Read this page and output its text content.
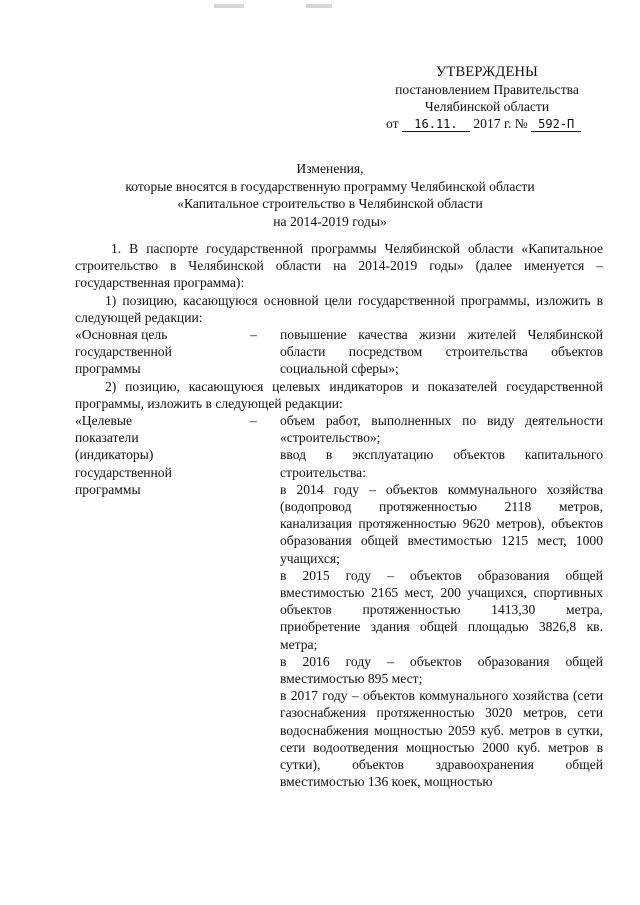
УТВЕРЖДЕНЫ
постановлением Правительства
Челябинской области
от 16.11. 2017 г. № 592-П
Изменения,
которые вносятся в государственную программу Челябинской области
«Капитальное строительство в Челябинской области
на 2014-2019 годы»

1. В паспорте государственной программы Челябинской области «Капитальное строительство в Челябинской области на 2014-2019 годы» (далее именуется – государственная программа):

1) позицию, касающуюся основной цели государственной программы, изложить в следующей редакции:

«Основная цель
государственной
программы
– повышение качества жизни жителей Челябинской области посредством строительства объектов социальной сферы»;

2) позицию, касающуюся целевых индикаторов и показателей государственной программы, изложить в следующей редакции:

«Целевые
показатели
(индикаторы)
государственной
программы
– объем работ, выполненных по виду деятельности «строительство»;

ввод в эксплуатацию объектов капитального строительства:

в 2014 году – объектов коммунального хозяйства (водопровод протяженностью 2118 метров, канализация протяженностью 9620 метров), объектов образования общей вместимостью 1215 мест, 1000 учащихся;

в 2015 году – объектов образования общей вместимостью 2165 мест, 200 учащихся, спортивных объектов протяженностью 1413,30 метра, приобретение здания общей площадью 3826,8 кв. метра;

в 2016 году – объектов образования общей вместимостью 895 мест;

в 2017 году – объектов коммунального хозяйства (сети газоснабжения протяженностью 3020 метров, сети водоснабжения мощностью 2059 куб. метров в сутки, сети водоотведения мощностью 2000 куб. метров в сутки), объектов здравоохранения общей вместимостью 136 коек, мощностью
